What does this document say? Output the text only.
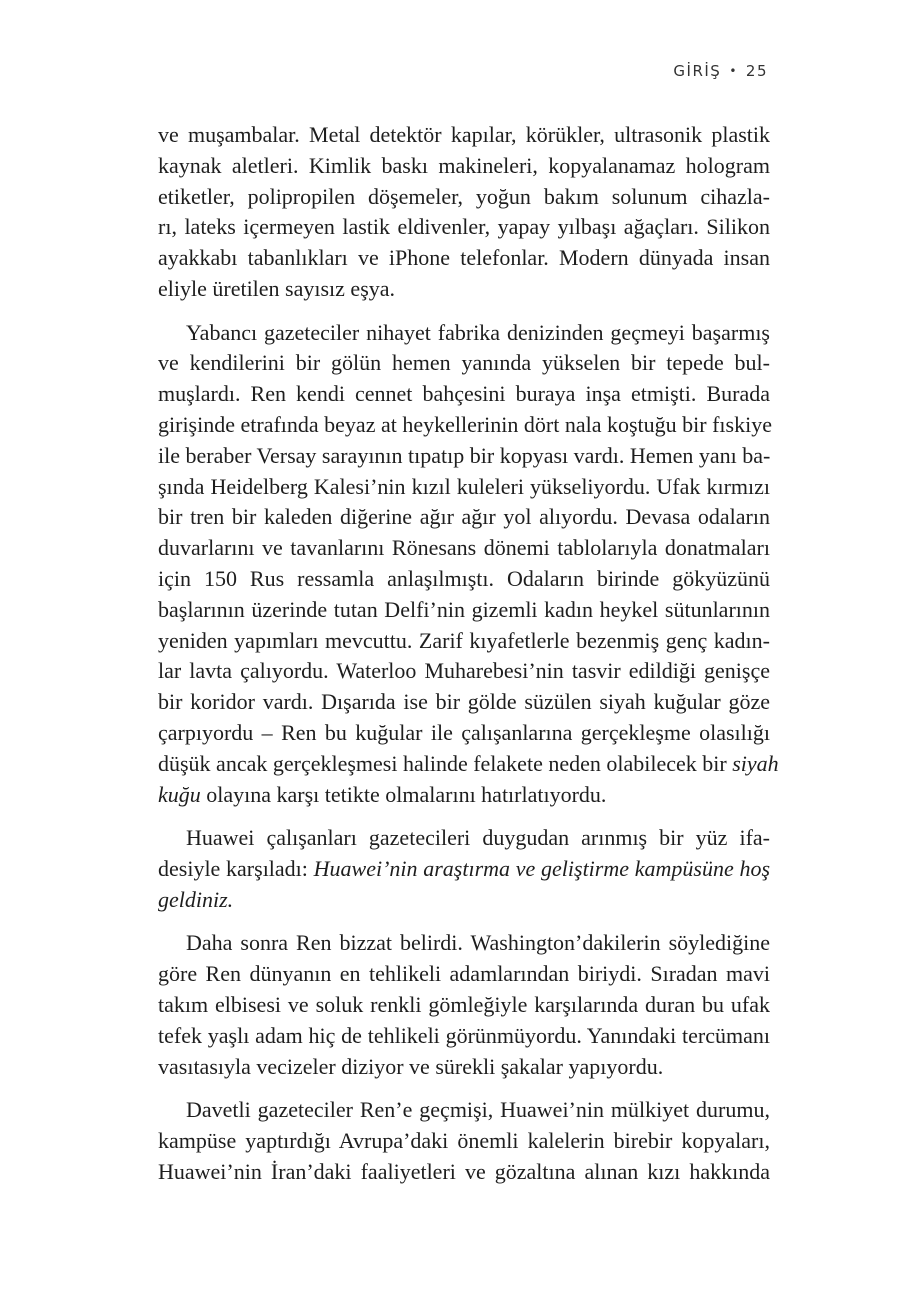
GİRİŞ • 25
ve muşambalar. Metal detektör kapılar, körükler, ultrasonik plastik
kaynak aletleri. Kimlik baskı makineleri, kopyalanamaz hologram
etiketler, polipropilen döşemeler, yoğun bakım solunum cihazla-
rı, lateks içermeyen lastik eldivenler, yapay yılbaşı ağaçları. Silikon
ayakkabı tabanlıkları ve iPhone telefonlar. Modern dünyada insan
eliyle üretilen sayısız eşya.
Yabancı gazeteciler nihayet fabrika denizinden geçmeyi başarmış
ve kendilerini bir gölün hemen yanında yükselen bir tepede bul-
muşlardı. Ren kendi cennet bahçesini buraya inşa etmişti. Burada
girişinde etrafında beyaz at heykellerinin dört nala koştuğu bir fıskiye
ile beraber Versay sarayının tıpatıp bir kopyası vardı. Hemen yanı ba-
şında Heidelberg Kalesi’nin kızıl kuleleri yükseliyordu. Ufak kırmızı
bir tren bir kaleden diğerine ağır ağır yol alıyordu. Devasa odaların
duvarlarını ve tavanlarını Rönesans dönemi tablolarıyla donatmaları
için 150 Rus ressamla anlaşılmıştı. Odaların birinde gökyüzünü
başlarının üzerinde tutan Delfi’nin gizemli kadın heykel sütunlarının
yeniden yapımları mevcuttu. Zarif kıyafetlerle bezenmiş genç kadın-
lar lavta çalıyordu. Waterloo Muharebesi’nin tasvir edildiği genişçe
bir koridor vardı. Dışarıda ise bir gölde süzülen siyah kuğular göze
çarpıyordu – Ren bu kuğular ile çalışanlarına gerçekleşme olasılığı
düşük ancak gerçekleşmesi halinde felakete neden olabilecek bir siyah
kuğu olayına karşı tetikte olmalarını hatırlatıyordu.
Huawei çalışanları gazetecileri duygudan arınmış bir yüz ifa-
desiyle karşıladı: Huawei’nin araştırma ve geliştirme kampüsüne hoş
geldiniz.
Daha sonra Ren bizzat belirdi. Washington’dakilerin söylediğine
göre Ren dünyanın en tehlikeli adamlarından biriydi. Sıradan mavi
takım elbisesi ve soluk renkli gömleğiyle karşılarında duran bu ufak
tefek yaşlı adam hiç de tehlikeli görünmüyordu. Yanındaki tercümanı
vasıtasıyla vecizeler diziyor ve sürekli şakalar yapıyordu.
Davetli gazeteciler Ren’e geçmişi, Huawei’nin mülkiyet durumu,
kampüse yaptırdığı Avrupa’daki önemli kalelerin birebir kopyaları,
Huawei’nin İran’daki faaliyetleri ve gözaltına alınan kızı hakkında
